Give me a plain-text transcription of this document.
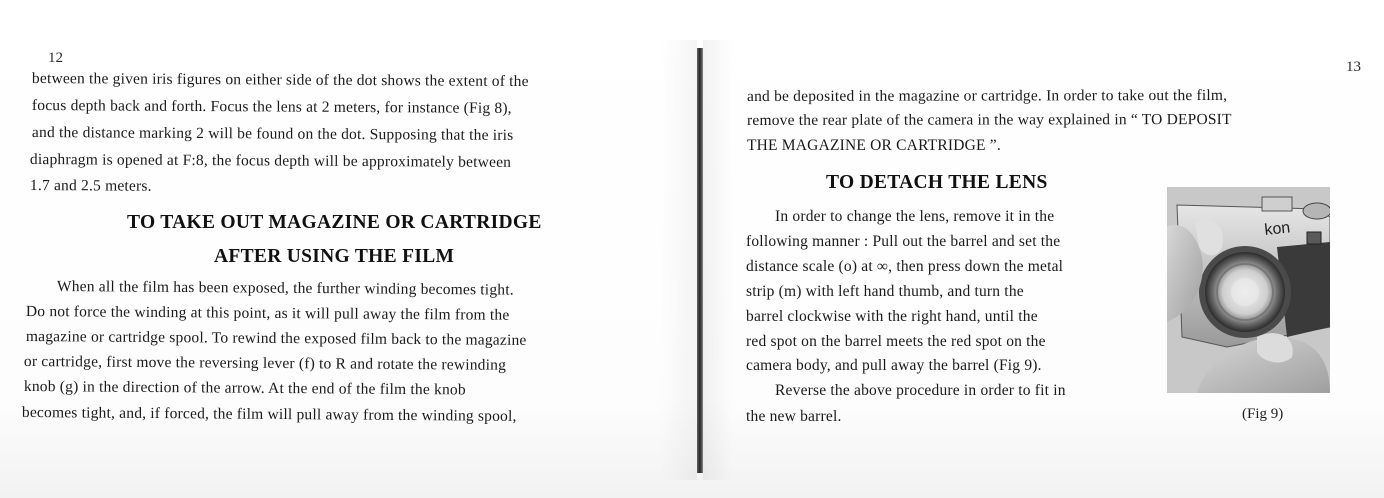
12
between the given iris figures on either side of the dot shows the extent of the
focus depth back and forth. Focus the lens at 2 meters, for instance (Fig 8),
and the distance marking 2 will be found on the dot. Supposing that the iris
diaphragm is opened at F:8, the focus depth will be approximately between
1.7 and 2.5 meters.
TO TAKE OUT MAGAZINE OR CARTRIDGE
AFTER USING THE FILM
When all the film has been exposed, the further winding becomes tight.
Do not force the winding at this point, as it will pull away the film from the
magazine or cartridge spool. To rewind the exposed film back to the magazine
or cartridge, first move the reversing lever (f) to R and rotate the rewinding
knob (g) in the direction of the arrow. At the end of the film the knob
becomes tight, and, if forced, the film will pull away from the winding spool,
13
and be deposited in the magazine or cartridge. In order to take out the film,
remove the rear plate of the camera in the way explained in “ TO DEPOSIT
THE MAGAZINE OR CARTRIDGE ”.
TO DETACH THE LENS
In order to change the lens, remove it in the
following manner : Pull out the barrel and set the
distance scale (o) at ∞, then press down the metal
strip (m) with left hand thumb, and turn the
barrel clockwise with the right hand, until the
red spot on the barrel meets the red spot on the
camera body, and pull away the barrel (Fig 9).
Reverse the above procedure in order to fit in
the new barrel.
kon
(Fig 9)
